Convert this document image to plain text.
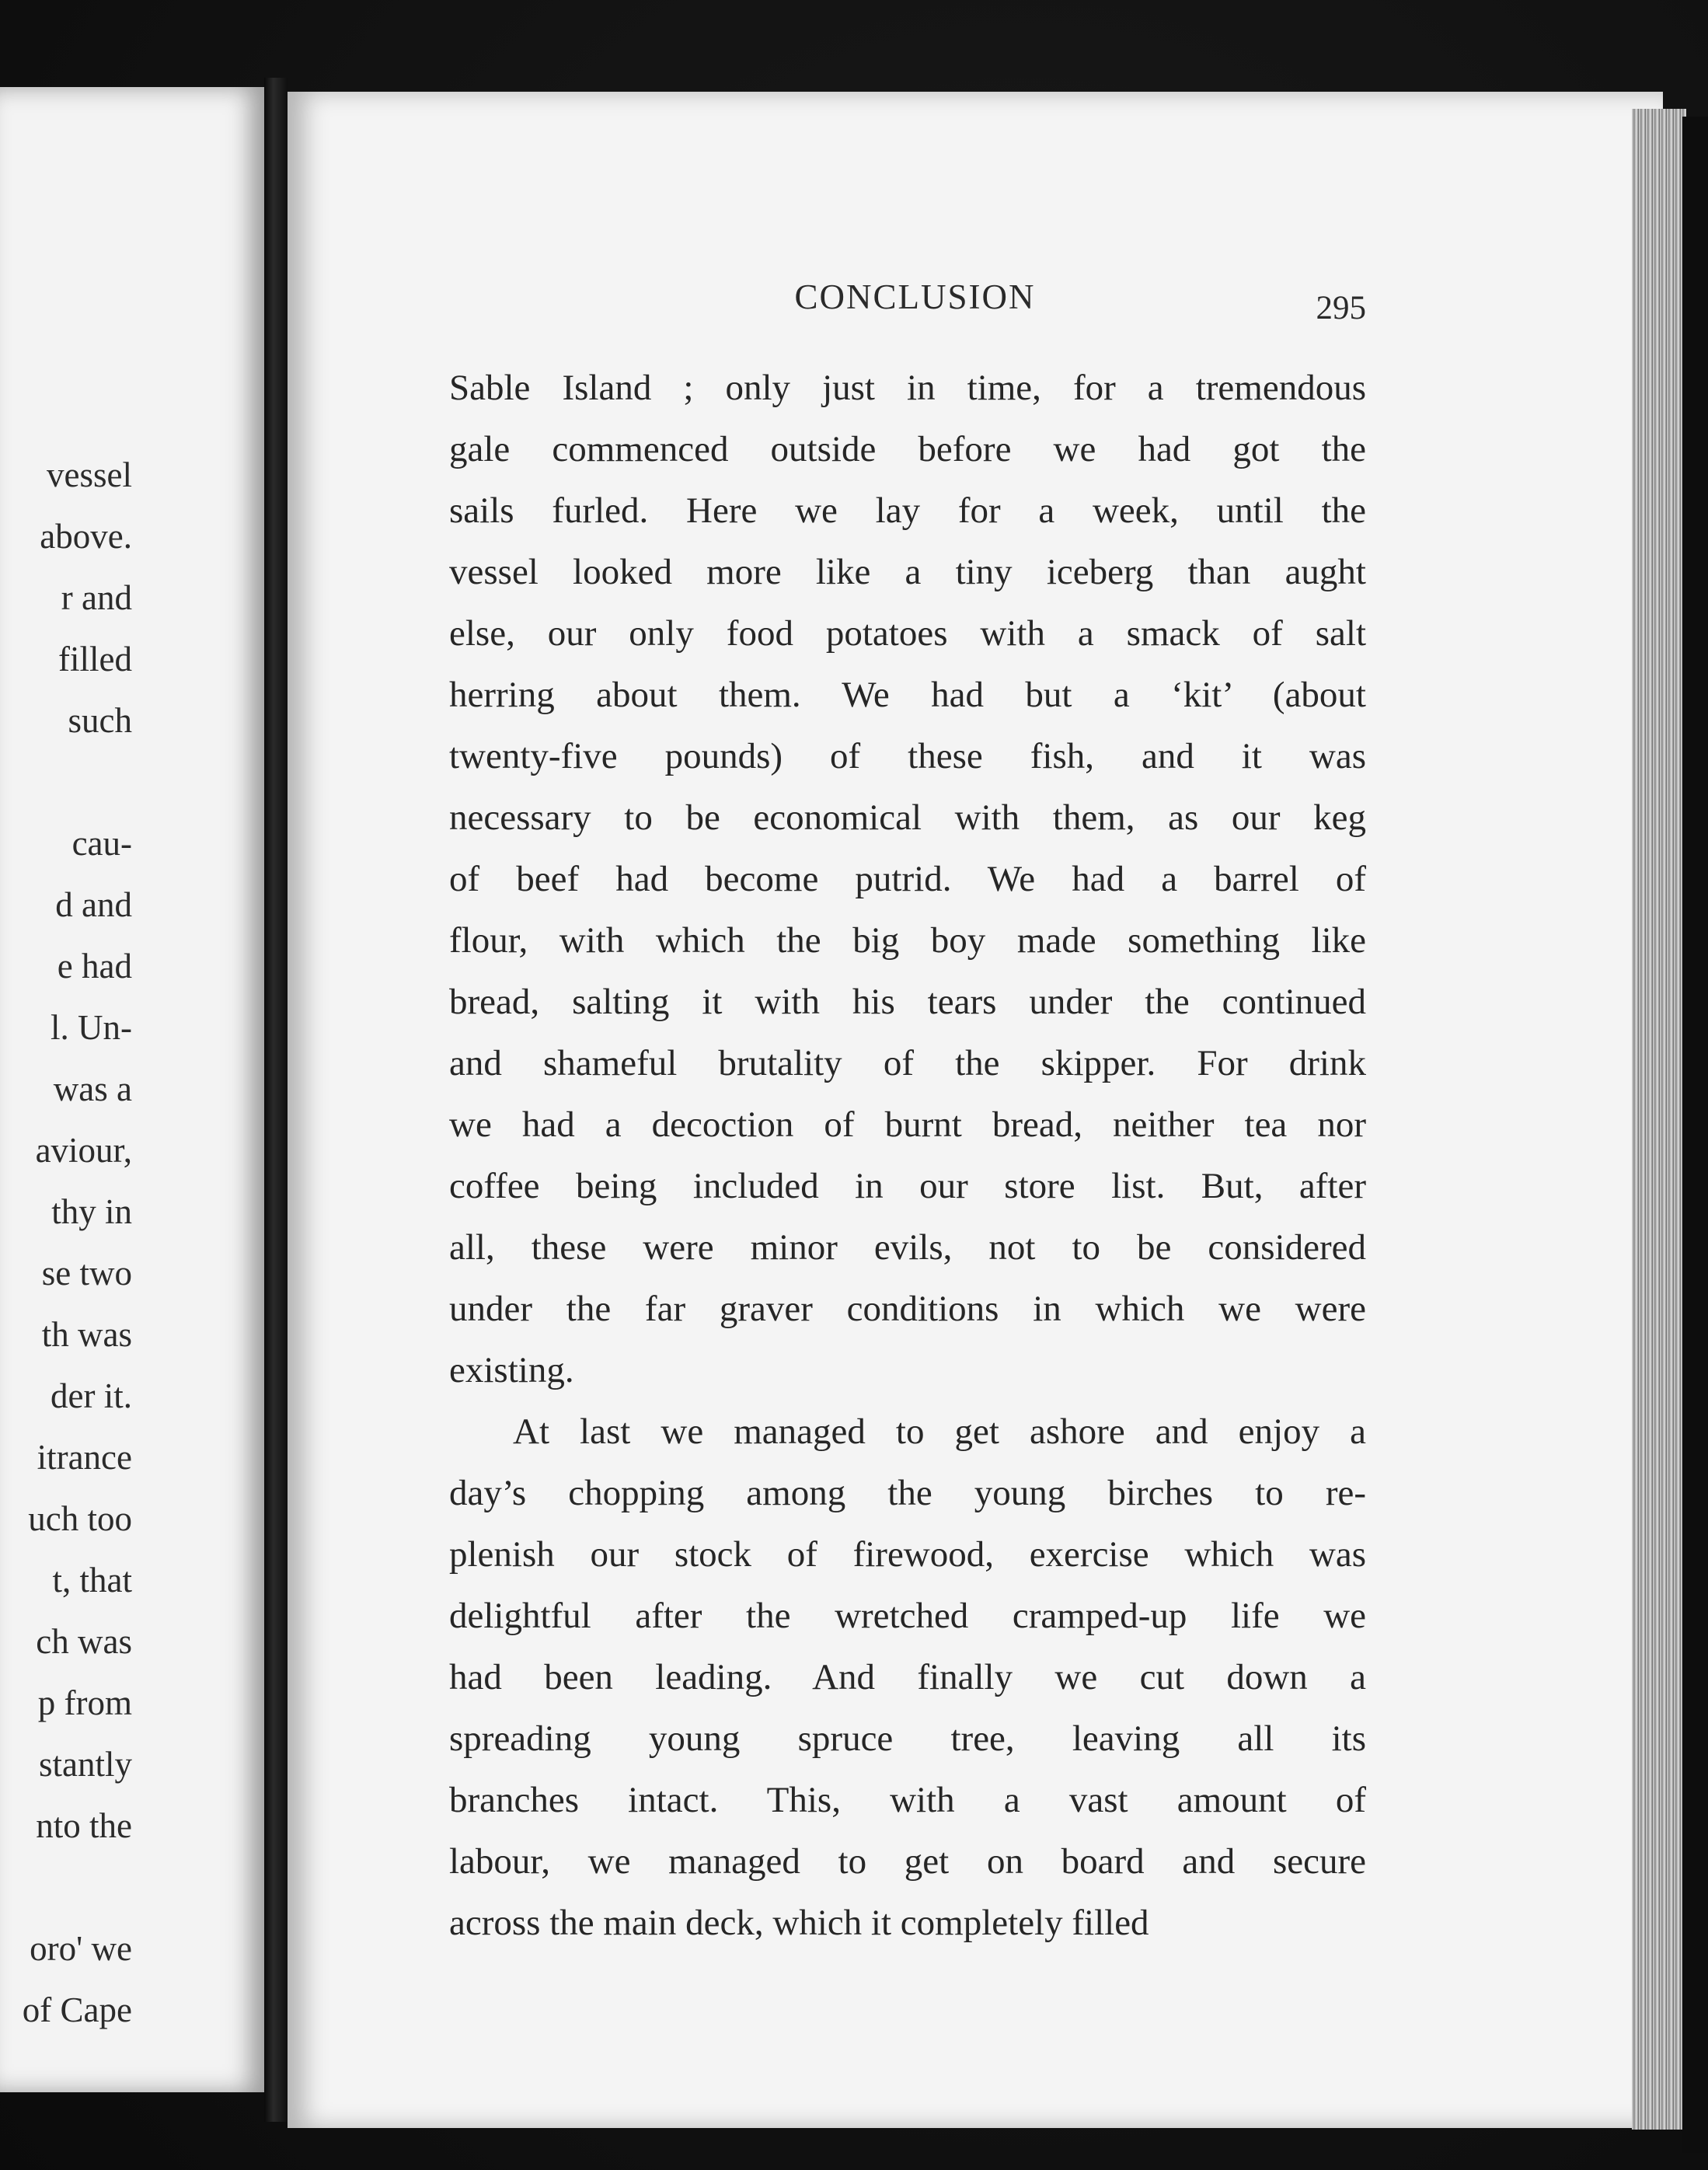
vessel
above.
r and
filled
such
cau-
d and
e had
l. Un-
was a
aviour,
thy in
se two
th was
der it.
itrance
uch too
t, that
ch was
p from
stantly
nto the
oro' we
of Cape
CONCLUSION	295
Sable Island ; only just in time, for a tremendous
gale commenced outside before we had got the
sails furled. Here we lay for a week, until the
vessel looked more like a tiny iceberg than aught
else, our only food potatoes with a smack of salt
herring about them. We had but a ‘kit’ (about
twenty-five pounds) of these fish, and it was
necessary to be economical with them, as our keg
of beef had become putrid. We had a barrel of
flour, with which the big boy made something like
bread, salting it with his tears under the continued
and shameful brutality of the skipper. For drink
we had a decoction of burnt bread, neither tea nor
coffee being included in our store list. But, after
all, these were minor evils, not to be considered
under the far graver conditions in which we were
existing.
At last we managed to get ashore and enjoy a
day’s chopping among the young birches to re-
plenish our stock of firewood, exercise which was
delightful after the wretched cramped-up life we
had been leading. And finally we cut down a
spreading young spruce tree, leaving all its
branches intact. This, with a vast amount of
labour, we managed to get on board and secure
across the main deck, which it completely filled
